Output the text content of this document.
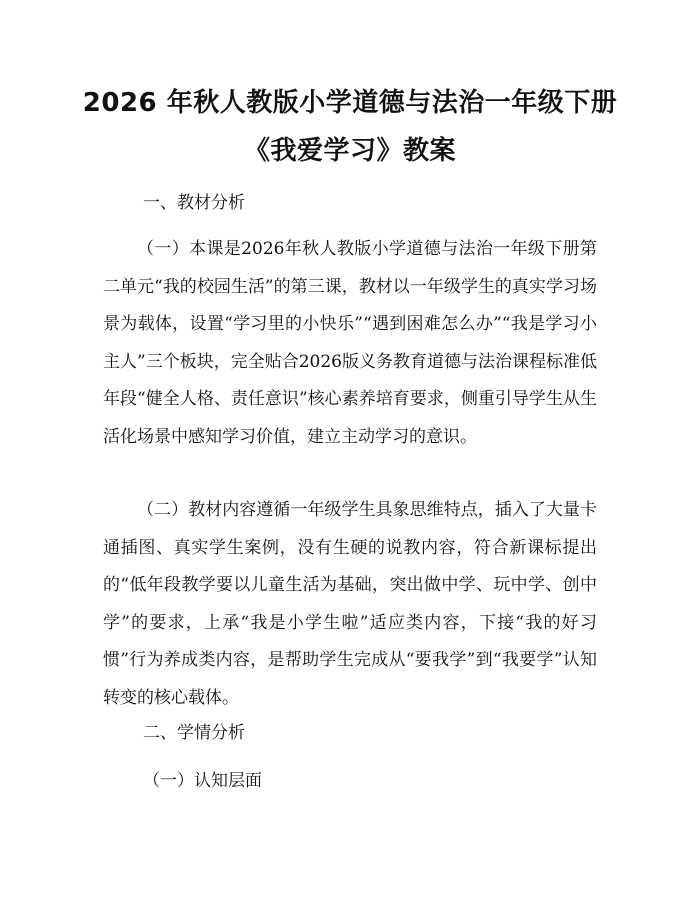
2026 年秋人教版小学道德与法治一年级下册
《我爱学习》教案
一、教材分析

（一）本课是2026年秋人教版小学道德与法治一年级下册第二单元“我的校园生活”的第三课，教材以一年级学生的真实学习场景为载体，设置“学习里的小快乐”“遇到困难怎么办”“我是学习小主人”三个板块，完全贴合2026版义务教育道德与法治课程标准低年段“健全人格、责任意识”核心素养培育要求，侧重引导学生从生活化场景中感知学习价值，建立主动学习的意识。

（二）教材内容遵循一年级学生具象思维特点，插入了大量卡通插图、真实学生案例，没有生硬的说教内容，符合新课标提出的“低年段教学要以儿童生活为基础，突出做中学、玩中学、创中学”的要求，上承“我是小学生啦”适应类内容，下接“我的好习惯”行为养成类内容，是帮助学生完成从“要我学”到“我要学”认知转变的核心载体。

二、学情分析
（一）认知层面
